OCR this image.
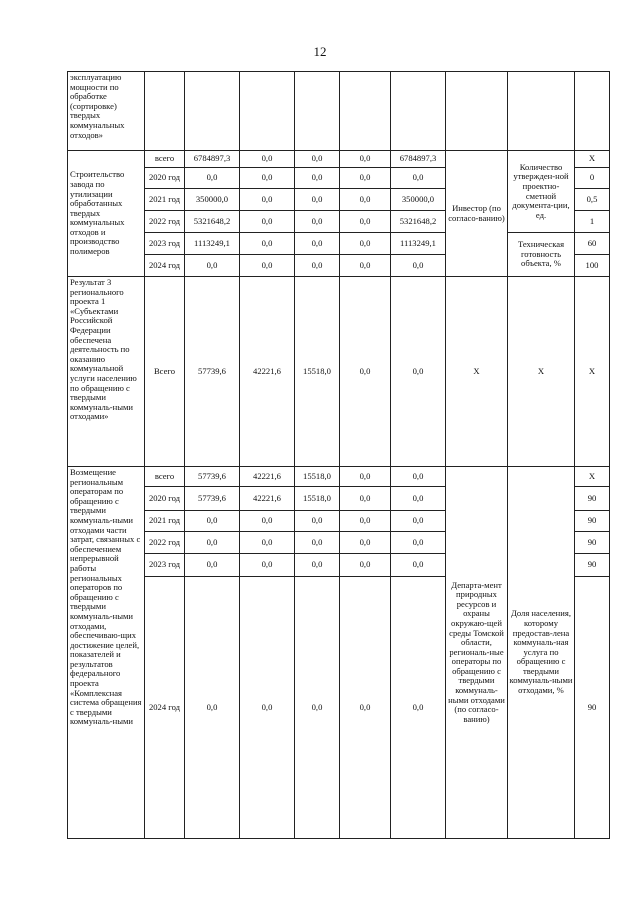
12
эксплуатацию мощности по обработке (сортировке) твердых коммунальных отходов»									
Строительство завода по утилизации обработанных твердых коммунальных отходов и производство полимеров	всего	6784897,3	0,0	0,0	0,0	6784897,3	Инвестор (по согласо-ванию)	Количество утвержден-ной проектно-сметной документа-ции, ед.	Х
	2020 год	0,0	0,0	0,0	0,0	0,0			0
	2021 год	350000,0	0,0	0,0	0,0	350000,0			0,5
	2022 год	5321648,2	0,0	0,0	0,0	5321648,2			1
	2023 год	1113249,1	0,0	0,0	0,0	1113249,1		Техническая готовность объекта, %	60
	2024 год	0,0	0,0	0,0	0,0	0,0			100
Результат 3 регионального проекта 1 «Субъектами Российской Федерации обеспечена деятельность по оказанию коммунальной услуги населению по обращению с твердыми коммуналь-ными отходами»	Всего	57739,6	42221,6	15518,0	0,0	0,0	Х	Х	Х
Возмещение региональным операторам по обращению с твердыми коммуналь-ными отходами части затрат, связанных с обеспечением непрерывной работы региональных операторов по обращению с твердыми коммуналь-ными отходами, обеспечиваю-щих достижение целей, показателей и результатов федерального проекта «Комплексная система обращения с твердыми коммуналь-ными	всего	57739,6	42221,6	15518,0	0,0	0,0	Департа-мент природных ресурсов и охраны окружаю-щей среды Томской области, региональ-ные операторы по обращению с твердыми коммуналь-ными отходами (по согласо-ванию)	Доля населения, которому предостав-лена коммуналь-ная услуга по обращению с твердыми коммуналь-ными отходами, %	Х
	2020 год	57739,6	42221,6	15518,0	0,0	0,0			90
	2021 год	0,0	0,0	0,0	0,0	0,0			90
	2022 год	0,0	0,0	0,0	0,0	0,0			90
	2023 год	0,0	0,0	0,0	0,0	0,0			90
	2024 год	0,0	0,0	0,0	0,0	0,0			90
